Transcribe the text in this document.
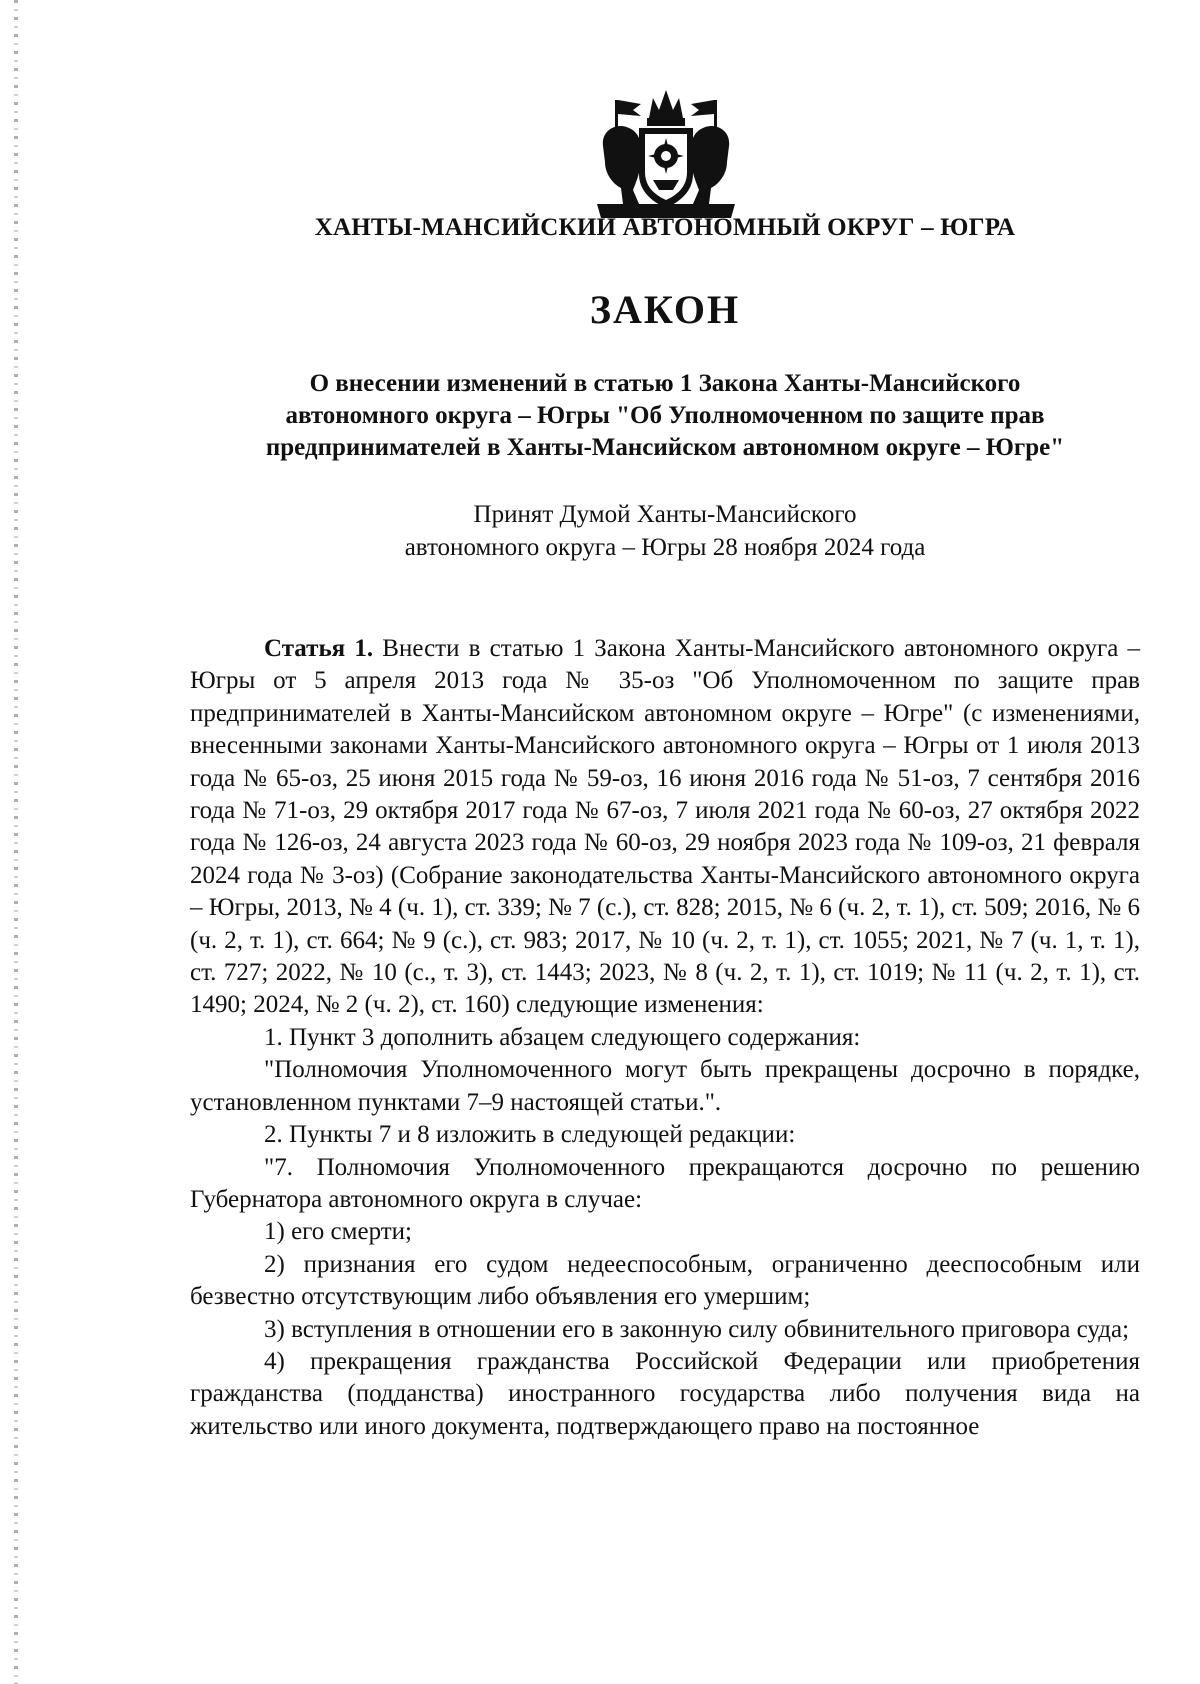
ХАНТЫ-МАНСИЙСКИЙ АВТОНОМНЫЙ ОКРУГ – ЮГРА
ЗАКОН
О внесении изменений в статью 1 Закона Ханты-Мансийского
автономного округа – Югры "Об Уполномоченном по защите прав
предпринимателей в Ханты-Мансийском автономном округе – Югре"
Принят Думой Ханты-Мансийского
автономного округа – Югры 28 ноября 2024 года

Статья 1. Внести в статью 1 Закона Ханты-Мансийского автономного округа – Югры от 5 апреля 2013 года № 35-оз "Об Уполномоченном по защите прав предпринимателей в Ханты-Мансийском автономном округе – Югре" (с изменениями, внесенными законами Ханты-Мансийского автономного округа – Югры от 1 июля 2013 года № 65-оз, 25 июня 2015 года № 59-оз, 16 июня 2016 года № 51-оз, 7 сентября 2016 года № 71-оз, 29 октября 2017 года № 67-оз, 7 июля 2021 года № 60-оз, 27 октября 2022 года № 126-оз, 24 августа 2023 года № 60-оз, 29 ноября 2023 года № 109-оз, 21 февраля 2024 года № 3-оз) (Собрание законодательства Ханты-Мансийского автономного округа – Югры, 2013, № 4 (ч. 1), ст. 339; № 7 (с.), ст. 828; 2015, № 6 (ч. 2, т. 1), ст. 509; 2016, № 6 (ч. 2, т. 1), ст. 664; № 9 (с.), ст. 983; 2017, № 10 (ч. 2, т. 1), ст. 1055; 2021, № 7 (ч. 1, т. 1), ст. 727; 2022, № 10 (с., т. 3), ст. 1443; 2023, № 8 (ч. 2, т. 1), ст. 1019; № 11 (ч. 2, т. 1), ст. 1490; 2024, № 2 (ч. 2), ст. 160) следующие изменения:

1. Пункт 3 дополнить абзацем следующего содержания:

"Полномочия Уполномоченного могут быть прекращены досрочно в порядке, установленном пунктами 7–9 настоящей статьи.".

2. Пункты 7 и 8 изложить в следующей редакции:

"7. Полномочия Уполномоченного прекращаются досрочно по решению Губернатора автономного округа в случае:

1) его смерти;

2) признания его судом недееспособным, ограниченно дееспособным или безвестно отсутствующим либо объявления его умершим;

3) вступления в отношении его в законную силу обвинительного приговора суда;

4) прекращения гражданства Российской Федерации или приобретения гражданства (подданства) иностранного государства либо получения вида на жительство или иного документа, подтверждающего право на постоянное
